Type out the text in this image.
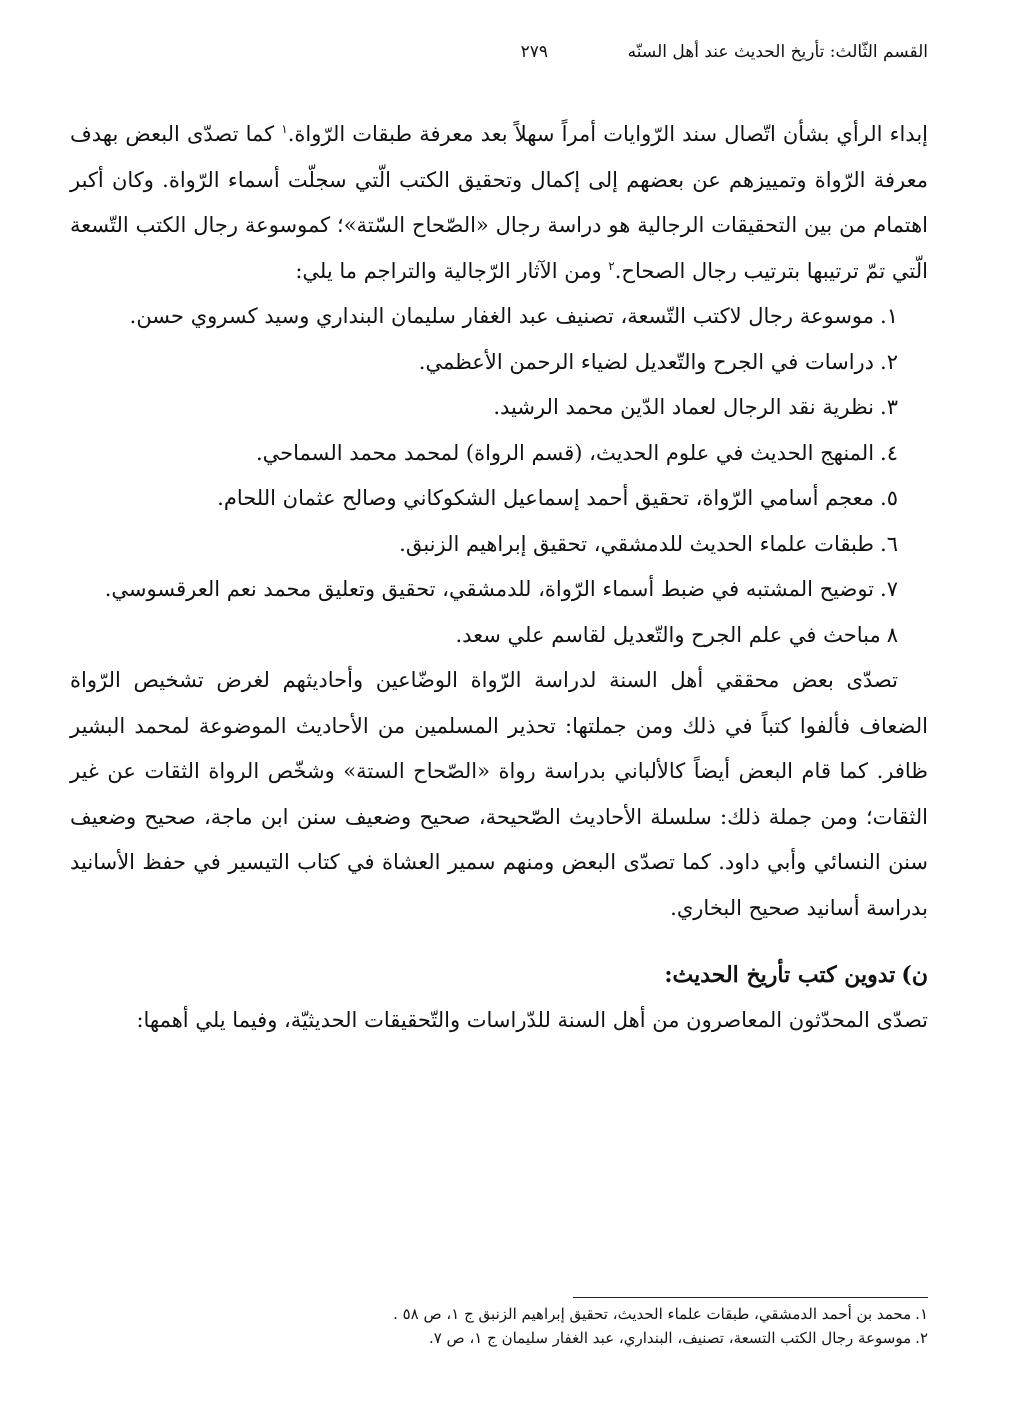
القسم الثّالث: تأريخ الحديث عند أهل السنّه
٢٧٩

إبداء الرأي بشأن اتّصال سند الرّوايات أمراً سهلاً بعد معرفة طبقات الرّواة.$^١$ كما تصدّى البعض بهدف معرفة الرّواة وتمييزهم عن بعضهم إلى إكمال وتحقيق الكتب الّتي سجلّت أسماء الرّواة. وكان أكبر اهتمام من بين التحقيقات الرجالية هو دراسة رجال «الصّحاح السّتة»؛ كموسوعة رجال الكتب التّسعة الّتي تمّ ترتيبها بترتيب رجال الصحاح.$^٢$ ومن الآثار الرّجالية والتراجم ما يلي:

١.موسوعة رجال لاكتب التّسعة، تصنيف عبد الغفار سليمان البنداري وسيد كسروي حسن.
٢.دراسات في الجرح والتّعديل لضياء الرحمن الأعظمي.
٣.نظرية نقد الرجال لعماد الدّين محمد الرشيد.
٤.المنهج الحديث في علوم الحديث، (قسم الرواة) لمحمد محمد السماحي.
٥.معجم أسامي الرّواة، تحقيق أحمد إسماعيل الشكوكاني وصالح عثمان اللحام.
٦.طبقات علماء الحديث للدمشقي، تحقيق إبراهيم الزنبق.
٧.توضيح المشتبه في ضبط أسماء الرّواة، للدمشقي، تحقيق وتعليق محمد نعم العرقسوسي.
٨مباحث في علم الجرح والتّعديل لقاسم علي سعد.

تصدّى بعض محققي أهل السنة لدراسة الرّواة الوضّاعين وأحاديثهم لغرض تشخيص الرّواة الضعاف فألفوا كتباً في ذلك ومن جملتها: تحذير المسلمين من الأحاديث الموضوعة لمحمد البشير ظافر. كما قام البعض أيضاً كالألباني بدراسة رواة «الصّحاح الستة» وشخّص الرواة الثقات عن غير الثقات؛ ومن جملة ذلك: سلسلة الأحاديث الصّحيحة، صحيح وضعيف سنن ابن ماجة، صحيح وضعيف سنن النسائي وأبي داود. كما تصدّى البعض ومنهم سمير العشاة في كتاب التيسير في حفظ الأسانيد بدراسة أسانيد صحيح البخاري.

ن)تدوين كتب تأريخ الحديث:

تصدّى المحدّثون المعاصرون من أهل السنة للدّراسات والتّحقيقات الحديثيّة، وفيما يلي أهمها:

١.محمد بن أحمد الدمشقي، طبقات علماء الحديث، تحقيق إبراهيم الزنبق ج ١، ص ٥٨ .

٢.موسوعة رجال الكتب التسعة، تصنيف، البنداري، عبد الغفار سليمان ج ١، ص ٧.
